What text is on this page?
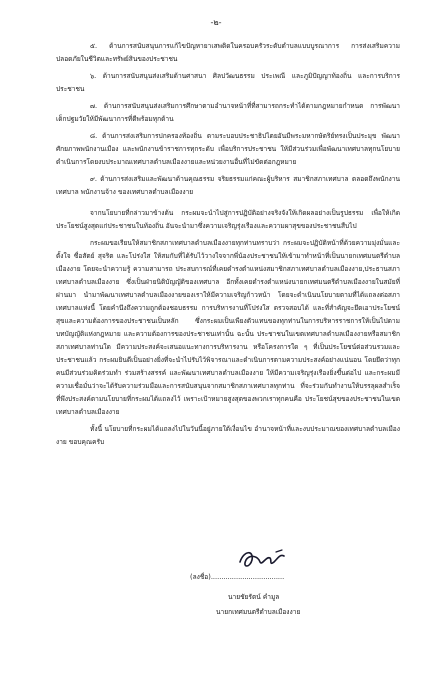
-๒-

๕. ด้านการสนับสนุนการแก้ไขปัญหายาเสพติดในครอบครัวระดับตำบลแบบบูรณาการ การส่งเสริมความปลอดภัยในชีวิตและทรัพย์สินของประชาชน

๖. ด้านการสนับสนุนส่งเสริมด้านศาสนา ศิลปวัฒนธรรม ประเพณี และภูมิปัญญาท้องถิ่น และการบริการประชาชน

๗. ด้านการสนับสนุนส่งเสริมการศึกษาตามอำนาจหน้าที่ที่สามารถกระทำได้ตามกฎหมายกำหนด การพัฒนาเด็กปฐมวัยให้มีพัฒนาการที่ดีพร้อมทุกด้าน

๘. ด้านการส่งเสริมการปกครองท้องถิ่น ตามระบอบประชาธิปไตยอันมีพระมหากษัตริย์ทรงเป็นประมุข พัฒนาศักยภาพพนักงานเมือง และพนักงานข้าราชการทุกระดับ เพื่อบริการประชาชน ให้มีส่วนร่วมเพื่อพัฒนาเทศบาลทุกนโยบาย ดำเนินการโดยงบประมาณเทศบาลตำบลเมืองงายและหน่วยงานอื่นที่ไม่ขัดต่อกฎหมาย

๙. ด้านการส่งเสริมและพัฒนาด้านคุณธรรม จริยธรรมแก่คณะผู้บริหาร สมาชิกสภาเทศบาล ตลอดถึงพนักงานเทศบาล พนักงานจ้าง ของเทศบาลตำบลเมืองงาย

จากนโยบายที่กล่าวมาข้างต้น กระผมจะนำไปสู่การปฏิบัติอย่างจริงจังให้เกิดผลอย่างเป็นรูปธรรม เพื่อให้เกิดประโยชน์สูงสุดแก่ประชาชนในท้องถิ่น อันจะนำมาซึ่งความเจริญรุ่งเรืองและความผาสุขของประชาชนสืบไป

กระผมขอเรียนให้สมาชิกสภาเทศบาลตำบลเมืองงายทุกท่านทราบว่า กระผมจะปฏิบัติหน้าที่ด้วยความมุ่งมั่นและตั้งใจ ซื่อสัตย์ สุจริต และโปร่งใส ให้สมกับที่ได้รับไว้วางใจจากพี่น้องประชาชนให้เข้ามาทำหน้าที่เป็นนายกเทศมนตรีตำบลเมืองงาย โดยจะนำความรู้ ความสามารถ ประสบการณ์ที่เคยดำรงตำแหน่งสมาชิกสภาเทศบาลตำบลเมืองงาย,ประธานสภาเทศบาลตำบลเมืองงาย ซึ่งเป็นฝ่ายนิติบัญญัติของเทศบาล อีกทั้งเคยดำรงตำแหน่งนายกเทศมนตรีตำบลเมืองงายในสมัยที่ผ่านมา นำมาพัฒนาเทศบาลตำบลเมืองงายของเราให้มีความเจริญก้าวหน้า โดยจะดำเนินนโยบายตามที่ได้แถลงต่อสภาเทศบาลแห่งนี้ โดยคำนึงถึงความถูกต้องชอบธรรม การบริหารงานที่โปร่งใส ตรวจสอบได้ และที่สำคัญจะยึดเอาประโยชน์สุขและความต้องการของประชาชนเป็นหลัก ซึ่งกระผมเป็นเพียงตัวแทนของทุกท่านในการบริหารราชการให้เป็นไปตามบทบัญญัติแห่งกฎหมาย และความต้องการของประชาชนเท่านั้น ฉะนั้น ประชาชนในเขตเทศบาลตำบลเมืองงายหรือสมาชิกสภาเทศบาลท่านใด มีความประสงค์จะเสนอแนะทางการบริหารงาน หรือโครงการใด ๆ ที่เป็นประโยชน์ต่อส่วนรวมและประชาชนแล้ว กระผมยินดีเป็นอย่างยิ่งที่จะนำไปรับไว้พิจารณาและดำเนินการตามความประสงค์อย่างแน่นอน โดยยึดว่าทุกคนมีส่วนร่วมคิดร่วมทำ ร่วมสร้างสรรค์ และพัฒนาเทศบาลตำบลเมืองงาย ให้มีความเจริญรุ่งเรืองยิ่งขึ้นต่อไป และกระผมมีความเชื่อมั่นว่าจะได้รับความร่วมมือและการสนับสนุนจากสมาชิกสภาเทศบาลทุกท่าน ที่จะร่วมกันทำงานให้บรรลุผลสำเร็จที่พึงประสงค์ตามนโยบายที่กระผมได้แถลงไว้ เพราะเป้าหมายสูงสุดของพวกเราทุกคนคือ ประโยชน์สุขของประชาชนในเขตเทศบาลตำบลเมืองงาย

ทั้งนี้ นโยบายที่กระผมได้แถลงไปในวันนี้อยู่ภายใต้เงื่อนไข อำนาจหน้าที่และงบประมาณของเทศบาลตำบลเมืองงาย ขอบคุณครับ

(ลงชื่อ)...................................
นายชัยรัตน์ คำมูล
นายกเทศมนตรีตำบลเมืองงาย
